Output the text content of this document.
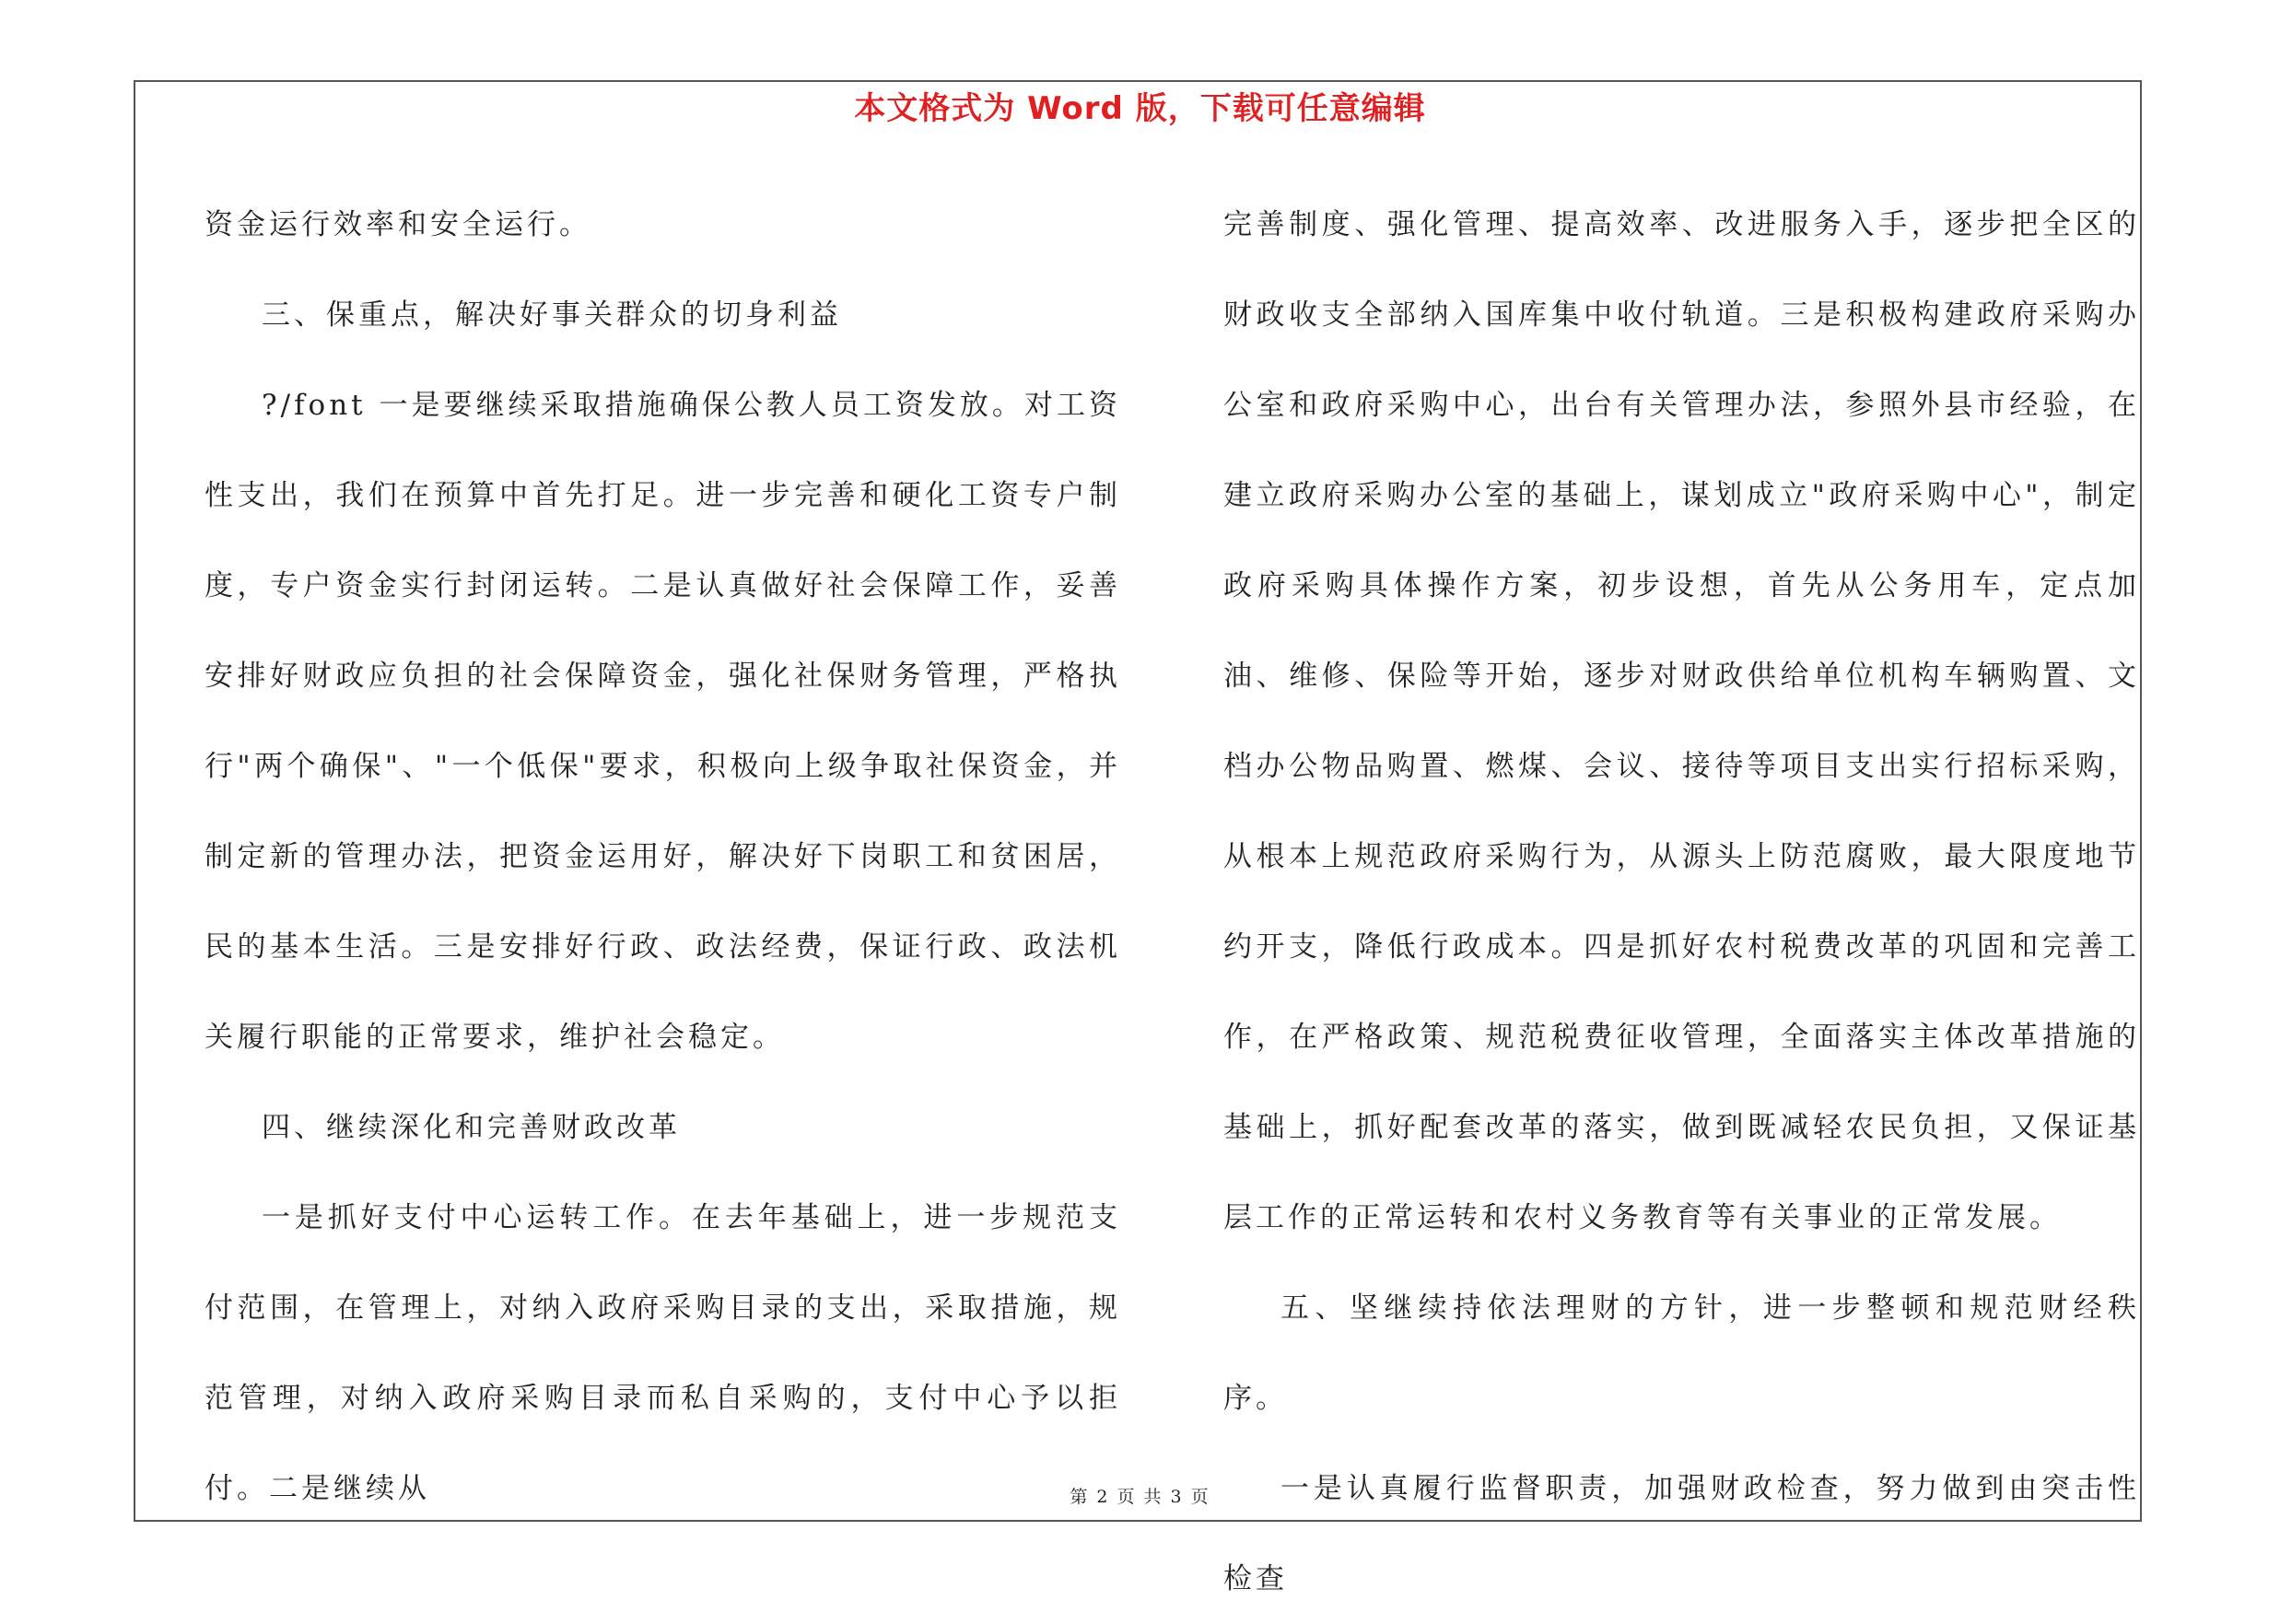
本文格式为 Word 版，下载可任意编辑

资金运行效率和安全运行。

三、保重点，解决好事关群众的切身利益

?/font 一是要继续采取措施确保公教人员工资发放。对工资性支出，我们在预算中首先打足。进一步完善和硬化工资专户制度，专户资金实行封闭运转。二是认真做好社会保障工作，妥善安排好财政应负担的社会保障资金，强化社保财务管理，严格执行"两个确保"、"一个低保"要求，积极向上级争取社保资金，并制定新的管理办法，把资金运用好，解决好下岗职工和贫困居，民的基本生活。三是安排好行政、政法经费，保证行政、政法机关履行职能的正常要求，维护社会稳定。

四、继续深化和完善财政改革

一是抓好支付中心运转工作。在去年基础上，进一步规范支付范围，在管理上，对纳入政府采购目录的支出，采取措施，规范管理，对纳入政府采购目录而私自采购的，支付中心予以拒付。二是继续从

完善制度、强化管理、提高效率、改进服务入手，逐步把全区的财政收支全部纳入国库集中收付轨道。三是积极构建政府采购办公室和政府采购中心，出台有关管理办法，参照外县市经验，在建立政府采购办公室的基础上，谋划成立"政府采购中心"，制定政府采购具体操作方案，初步设想，首先从公务用车，定点加油、维修、保险等开始，逐步对财政供给单位机构车辆购置、文档办公物品购置、燃煤、会议、接待等项目支出实行招标采购，从根本上规范政府采购行为，从源头上防范腐败，最大限度地节约开支，降低行政成本。四是抓好农村税费改革的巩固和完善工作，在严格政策、规范税费征收管理，全面落实主体改革措施的基础上，抓好配套改革的落实，做到既减轻农民负担，又保证基层工作的正常运转和农村义务教育等有关事业的正常发展。

五、坚继续持依法理财的方针，进一步整顿和规范财经秩序。

一是认真履行监督职责，加强财政检查，努力做到由突击性检查

第 2 页 共 3 页
